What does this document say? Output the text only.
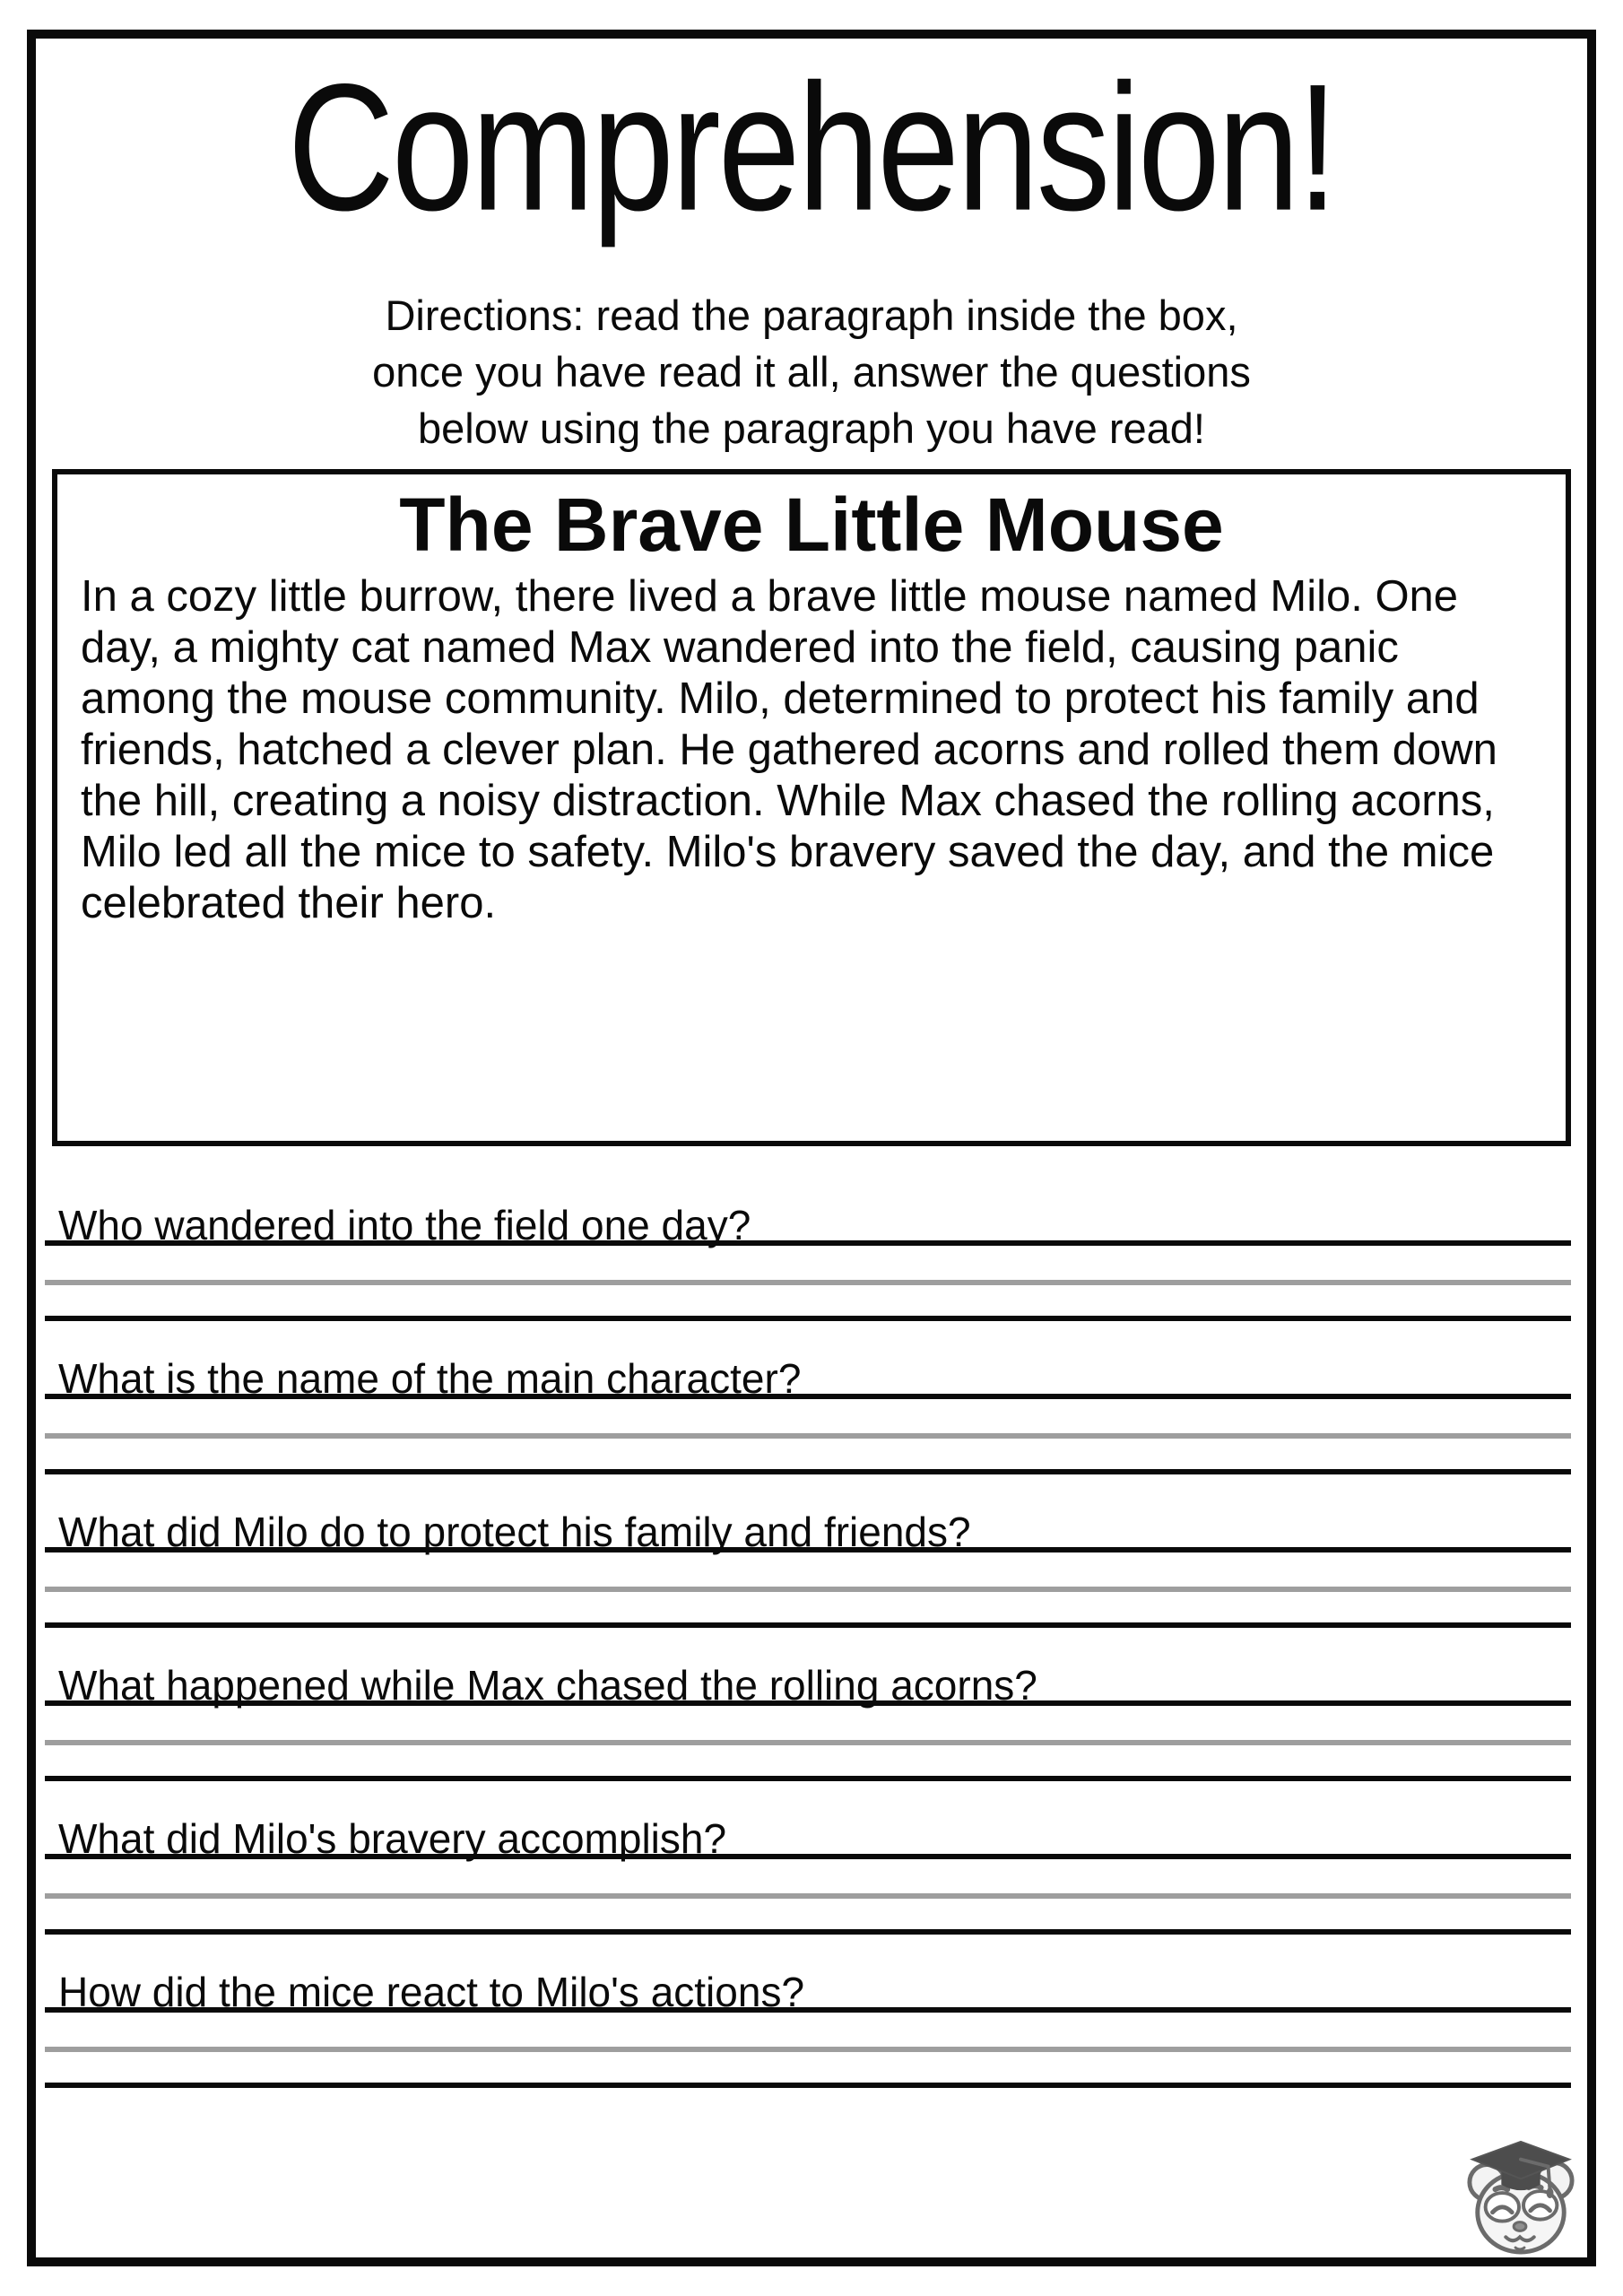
Comprehension!
Directions: read the paragraph inside the box,
once you have read it all, answer the questions
below using the paragraph you have read!
The Brave Little Mouse
In a cozy little burrow, there lived a brave little mouse named Milo. One day, a mighty cat named Max wandered into the field, causing panic among the mouse community. Milo, determined to protect his family and friends, hatched a clever plan. He gathered acorns and rolled them down the hill, creating a noisy distraction. While Max chased the rolling acorns, Milo led all the mice to safety. Milo's bravery saved the day, and the mice celebrated their hero.
Who wandered into the field one day?
What is the name of the main character?
What did Milo do to protect his family and friends?
What happened while Max chased the rolling acorns?
What did Milo's bravery accomplish?
How did the mice react to Milo's actions?
